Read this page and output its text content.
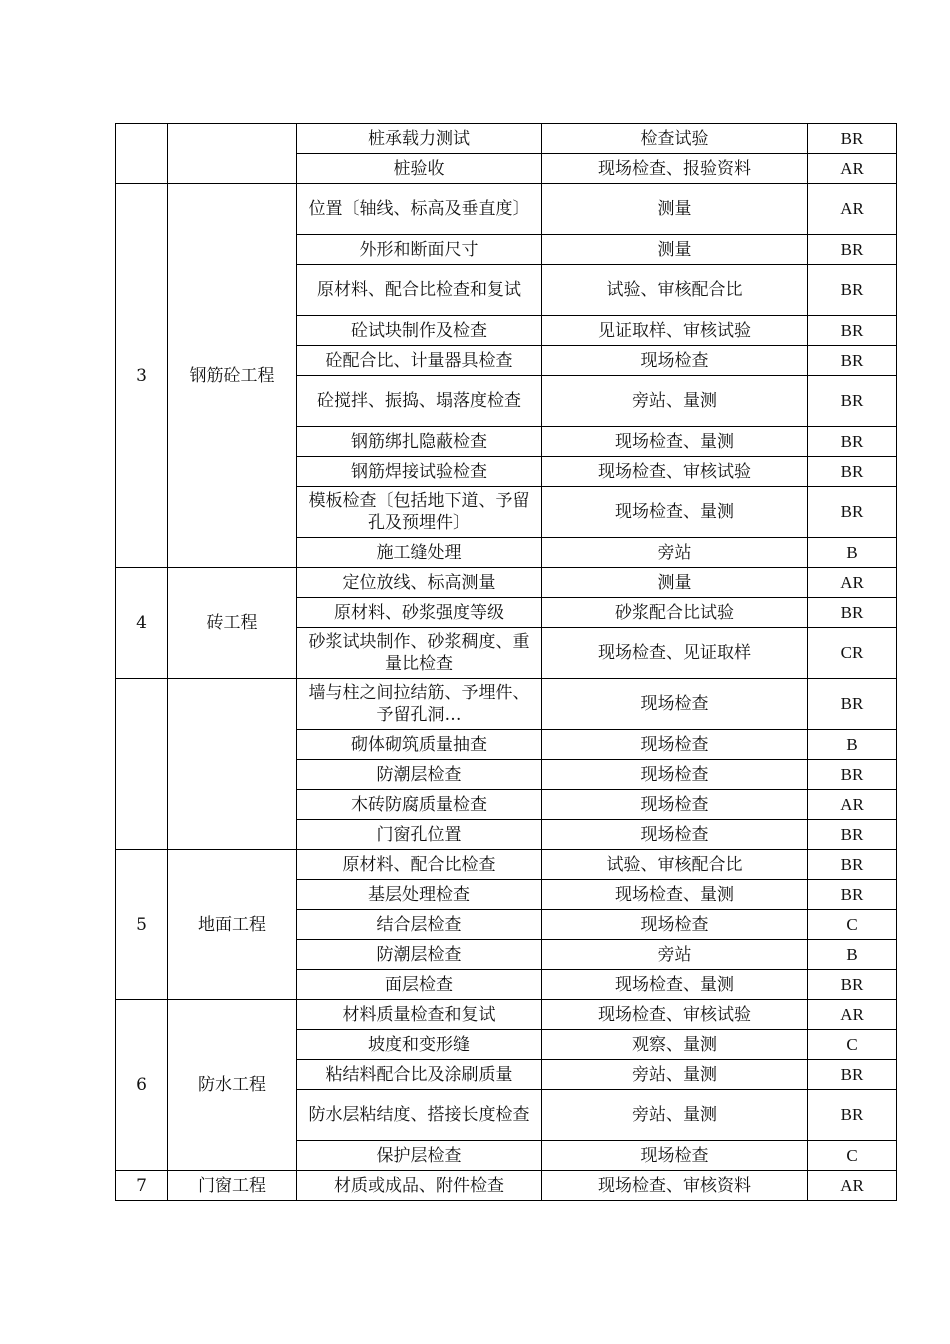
		桩承载力测试	检查试验	BR
		桩验收	现场检查、报验资料	AR
3	钢筋砼工程	位置〔轴线、标高及垂直度〕	测量	AR
		外形和断面尺寸	测量	BR
		原材料、配合比检查和复试	试验、审核配合比	BR
		砼试块制作及检查	见证取样、审核试验	BR
		砼配合比、计量器具检查	现场检查	BR
		砼搅拌、振捣、塌落度检查	旁站、量测	BR
		钢筋绑扎隐蔽检查	现场检查、量测	BR
		钢筋焊接试验检查	现场检查、审核试验	BR
		模板检查〔包括地下道、予留孔及预埋件〕	现场检查、量测	BR
		施工缝处理	旁站	B
4	砖工程	定位放线、标高测量	测量	AR
		原材料、砂浆强度等级	砂浆配合比试验	BR
		砂浆试块制作、砂浆稠度、重量比检查	现场检查、见证取样	CR
		墙与柱之间拉结筋、予埋件、予留孔洞…	现场检查	BR
		砌体砌筑质量抽查	现场检查	B
		防潮层检查	现场检查	BR
		木砖防腐质量检查	现场检查	AR
		门窗孔位置	现场检查	BR
5	地面工程	原材料、配合比检查	试验、审核配合比	BR
		基层处理检查	现场检查、量测	BR
		结合层检查	现场检查	C
		防潮层检查	旁站	B
		面层检查	现场检查、量测	BR
6	防水工程	材料质量检查和复试	现场检查、审核试验	AR
		坡度和变形缝	观察、量测	C
		粘结料配合比及涂刷质量	旁站、量测	BR
		防水层粘结度、搭接长度检查	旁站、量测	BR
		保护层检查	现场检查	C
7	门窗工程	材质或成品、附件检查	现场检查、审核资料	AR
